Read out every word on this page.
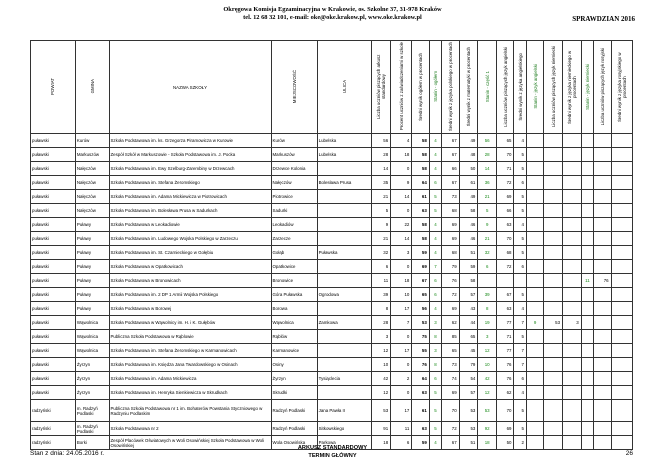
Okręgowa Komisja Egzaminacyjna w Krakowie, os. Szkolne 37, 31-978 Kraków
tel. 12 68 32 101, e-mail: oke@oke.krakow.pl, www.oke.krakow.pl	SPRAWDZIAN 2016
POWIAT	GMINA	NAZWA SZKOŁY	MIEJSCOWOŚĆ	ULICA	Liczba uczniów piszących arkusz standardowy	Procent uczniów z zaświadczeniami w szkole	Średni wynik ogółem w procentach	Stanin - ogółem	Średni wynik z języka polskiego w procentach	Średni wynik z matematyki w procentach	Stanin - część 1	Liczba uczniów piszących język angielski	Średni wynik z języka angielskiego	Stanin - język angielski	Liczba uczniów piszących język niemiecki	Średni wynik z języka niemieckiego w procentach	Stanin - język niemiecki	Liczba uczniów piszących język rosyjski	Średni wynik z języka rosyjskiego w procentach
puławski	Kurów	Szkoła Podstawowa im. ks. Grzegorza Piramowicza w Kurowie	Kurów	Lubelska	56	4	58	4	67	49	56	65	4						
puławski	Markuszów	Zespół Szkół w Markuszowie - Szkoła Podstawowa im. J. Pocka	Markuszów	Lubelska	28	18	58	4	67	48	28	70	5						
puławski	Nałęczów	Szkoła Podstawowa im. Ewy Szelburg-Zarembiny w Drzewcach	Drzewce Kolonia		14	0	58	4	66	50	14	71	5						
puławski	Nałęczów	Szkoła Podstawowa im. Stefana Żeromskiego	Nałęczów	Bolesława Prusa	35	9	64	6	67	61	36	72	6						
puławski	Nałęczów	Szkoła Podstawowa im. Adama Mickiewicza w Piotrowicach	Piotrowice		21	14	61	5	73	49	21	69	5						
puławski	Nałęczów	Szkoła Podstawowa im. Bolesława Prusa w Sadurkach	Sadurki		5	0	63	5	68	58	5	66	5						
puławski	Puławy	Szkoła Podstawowa w Leokadiowie	Leokadiów		9	22	58	4	69	46	9	63	4						
puławski	Puławy	Szkoła Podstawowa im. Ludowego Wojska Polskiego w Zarzeczu	Zarzecze		21	14	58	4	69	46	21	70	5						
puławski	Puławy	Szkoła Podstawowa im. St. Czarnieckiego w Gołębiu	Gołąb	Puławska	32	3	59	4	68	51	32	68	5						
puławski	Puławy	Szkoła Podstawowa w Opatkowicach	Opatkowice		6	0	69	7	79	59	6	72	6						
puławski	Puławy	Szkoła Podstawowa w Bronowicach	Bronowice		11	18	67	6	76	58							11	76	
puławski	Puławy	Szkoła Podstawowa im. 2 DP 1 Armii Wojska Polskiego	Góra Puławska	Ogrodowa	39	10	65	6	72	57	39	67	5						
puławski	Puławy	Szkoła Podstawowa w Borowej	Borowa		8	17	56	4	69	43	8	63	4						
puławski	Wąwolnica	Szkoła Podstawowa w Wąwolnicy im. H. i K. Gułębów	Wąwolnica	Zamkowa	28	7	53	3	62	44	19	77	7	9	53	3			
puławski	Wąwolnica	Publiczna Szkoła Podstawowa w Rąblowie	Rąblów		3	0	75	8	85	65	3	71	5						
puławski	Wąwolnica	Szkoła Podstawowa im. Stefana Żeromskiego w Karmanowicach	Karmanowice		12	17	55	3	65	45	12	77	7						
puławski	Żyrzyn	Szkoła Podstawowa im. Księdza Jana Twardowskiego w Osinach	Osiny		10	0	76	8	73	79	10	76	7						
puławski	Żyrzyn	Szkoła Podstawowa im. Adama Mickiewicza	Żyrzyn	Tysiąclecia	42	2	64	6	74	54	42	76	6						
puławski	Żyrzyn	Szkoła Podstawowa im. Henryka Sienkiewicza w Skrudkach	Skrudki		12	0	63	5	69	57	12	62	4						
radzyński	m. Radzyń Podlaski	Publiczna Szkoła Podstawowa nr 1 im. Bohaterów Powstania Styczniowego w Radzyniu Podlaskim	Radzyń Podlaski	Jana Pawła II	53	17	61	5	70	53	53	70	5						
radzyński	m. Radzyń Podlaski	Szkoła Podstawowa nr 2	Radzyń Podlaski	Sitkowskiego	91	11	63	5	72	53	92	69	5						
radzyński	Borki	Zespół Placówek Oświatowych w Woli Osowińskiej Szkoła Podstawowa w Woli Osowińskiej	Wola Osowińska	Parkowa	18	6	59	4	67	51	18	50	2						
Stan z dnia: 24.05.2016 r.
ARKUSZ STANDARDOWY
TERMIN GŁÓWNY	26
